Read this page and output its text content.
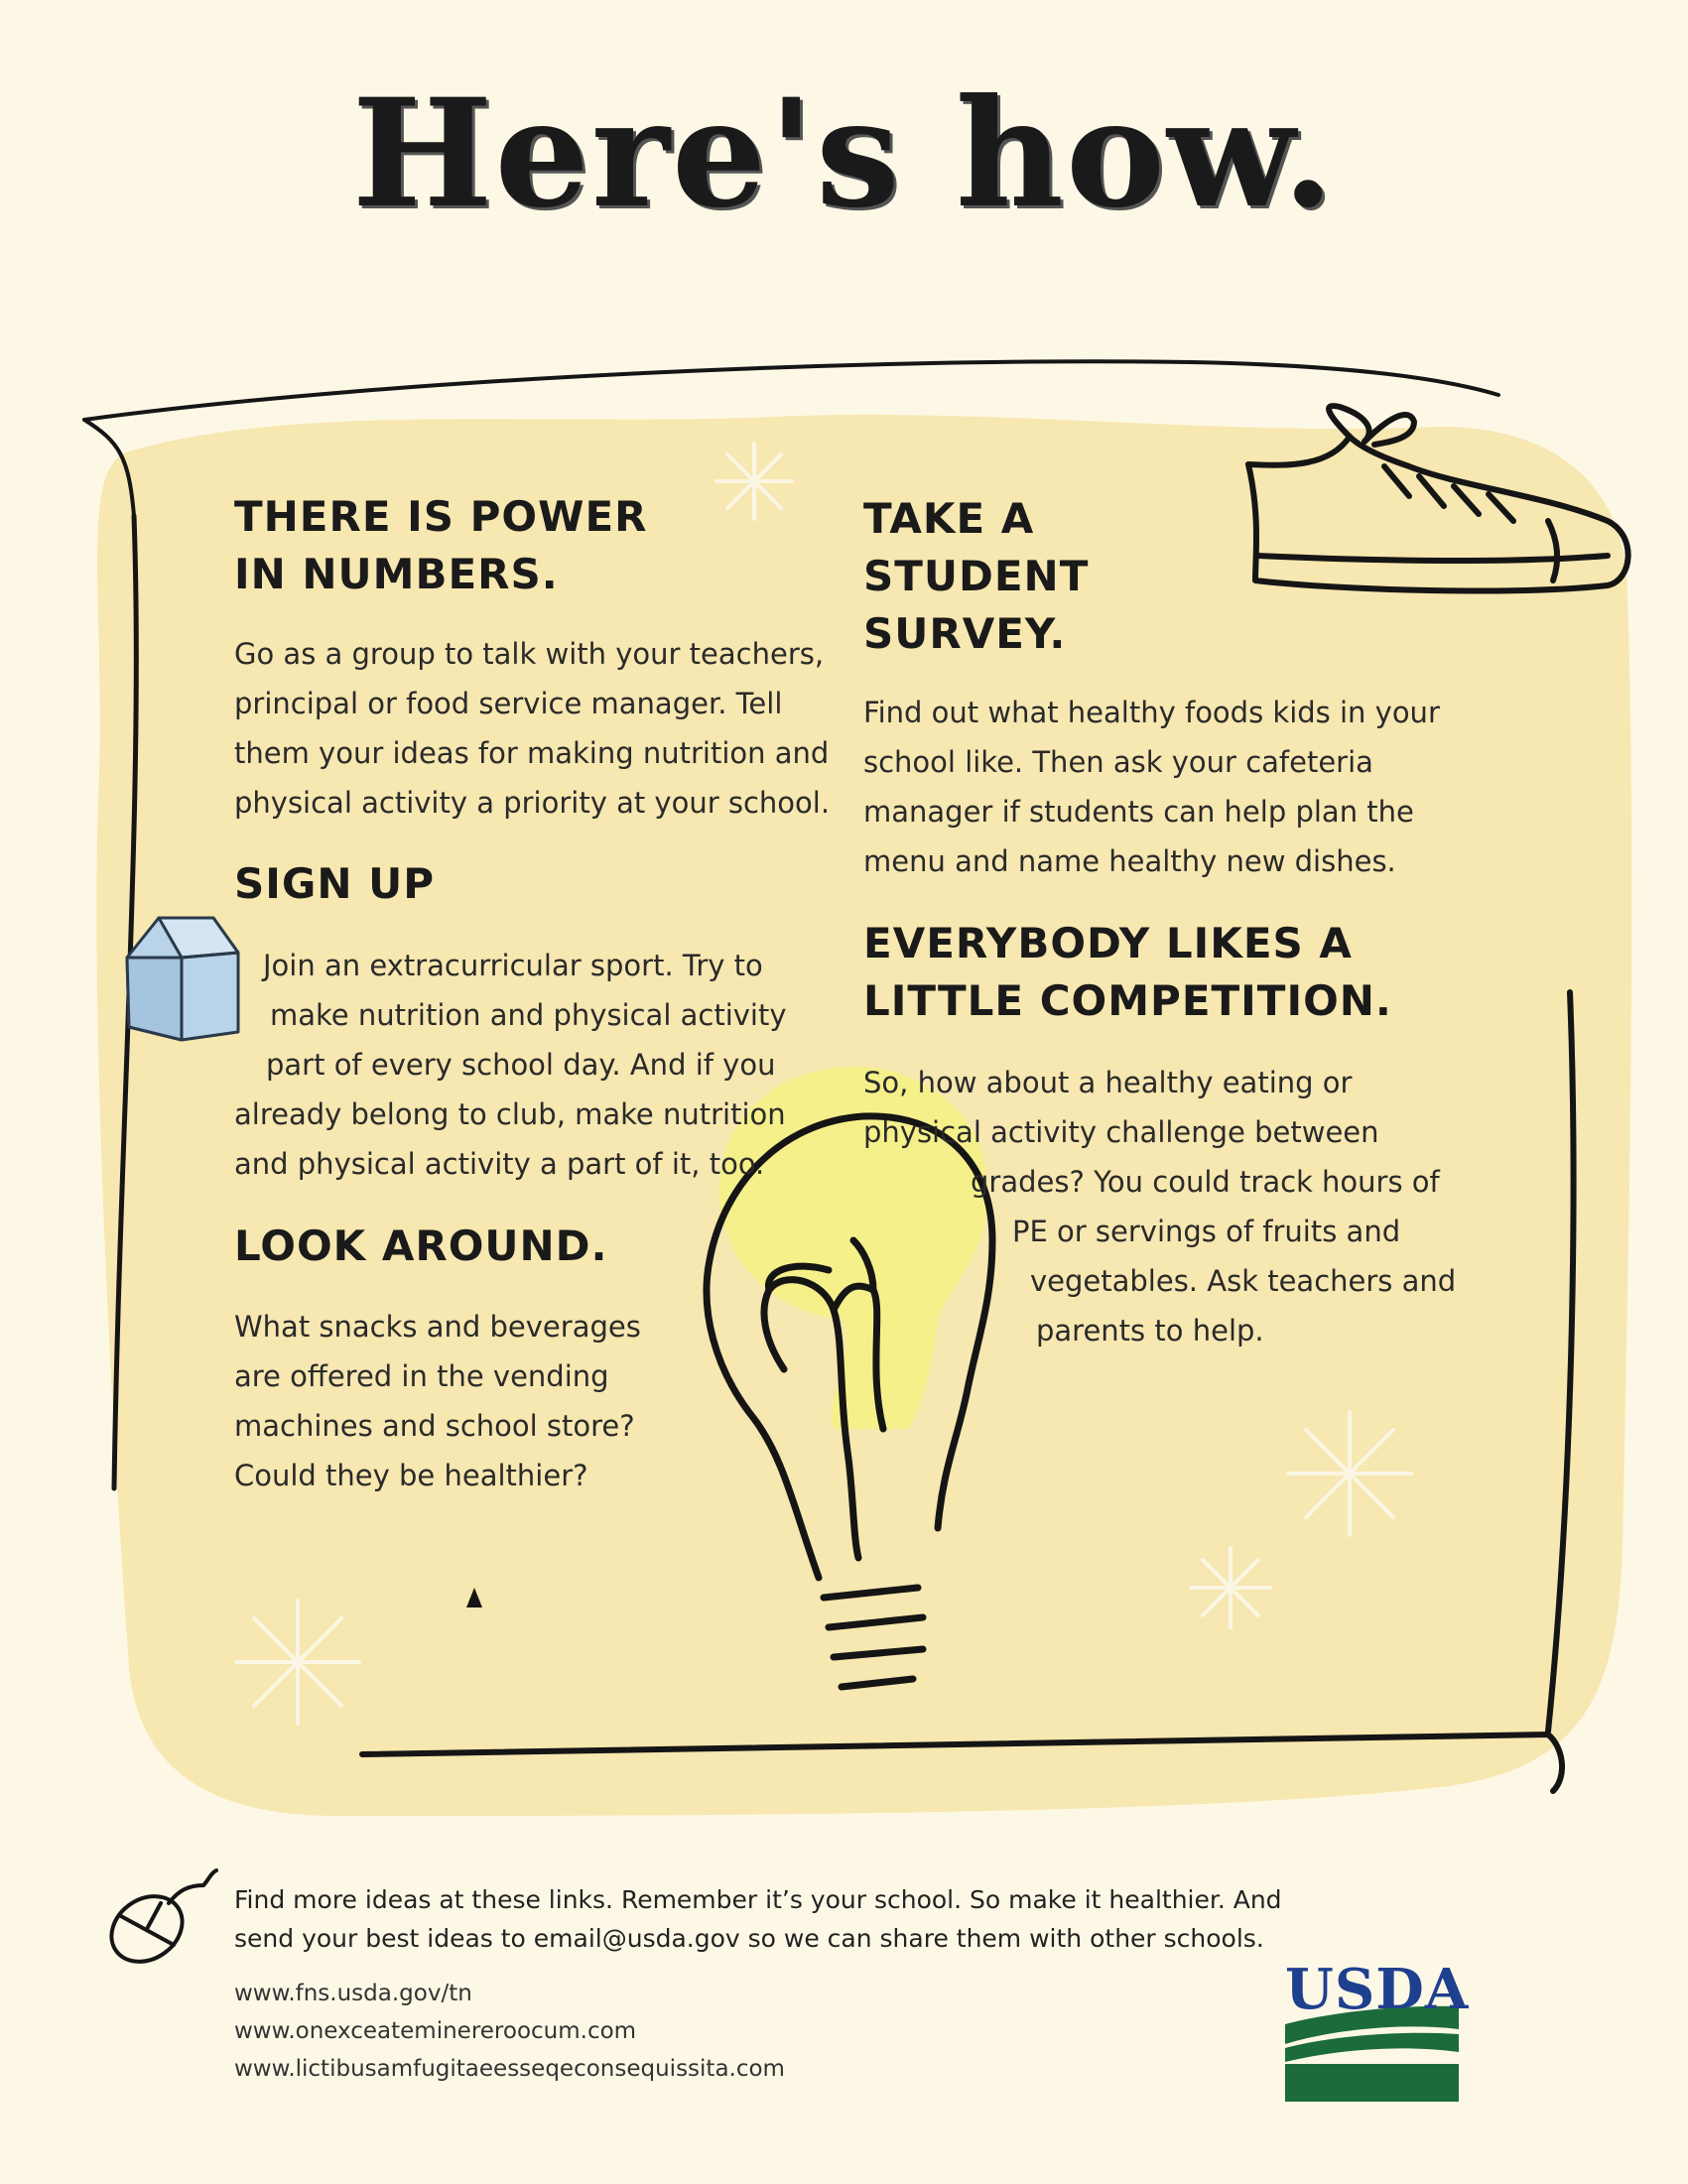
Here's how.
THERE IS POWER
IN NUMBERS.
Go as a group to talk with your teachers,
principal or food service manager. Tell
them your ideas for making nutrition and
physical activity a priority at your school.
SIGN UP
Join an extracurricular sport. Try to
make nutrition and physical activity
part of every school day. And if you
already belong to club, make nutrition
and physical activity a part of it, too.
LOOK AROUND.
What snacks and beverages
are offered in the vending
machines and school store?
Could they be healthier?
TAKE A
STUDENT
SURVEY.
Find out what healthy foods kids in your
school like. Then ask your cafeteria
manager if students can help plan the
menu and name healthy new dishes.
EVERYBODY LIKES A
LITTLE COMPETITION.
So, how about a healthy eating or
physical activity challenge between
grades? You could track hours of
PE or servings of fruits and
vegetables. Ask teachers and
parents to help.
Find more ideas at these links. Remember it’s your school. So make it healthier. And
send your best ideas to email@usda.gov so we can share them with other schools.
www.fns.usda.gov/tn
www.onexceateminereroocum.com
www.lictibusamfugitaeesseqeconsequissita.com
USDA
